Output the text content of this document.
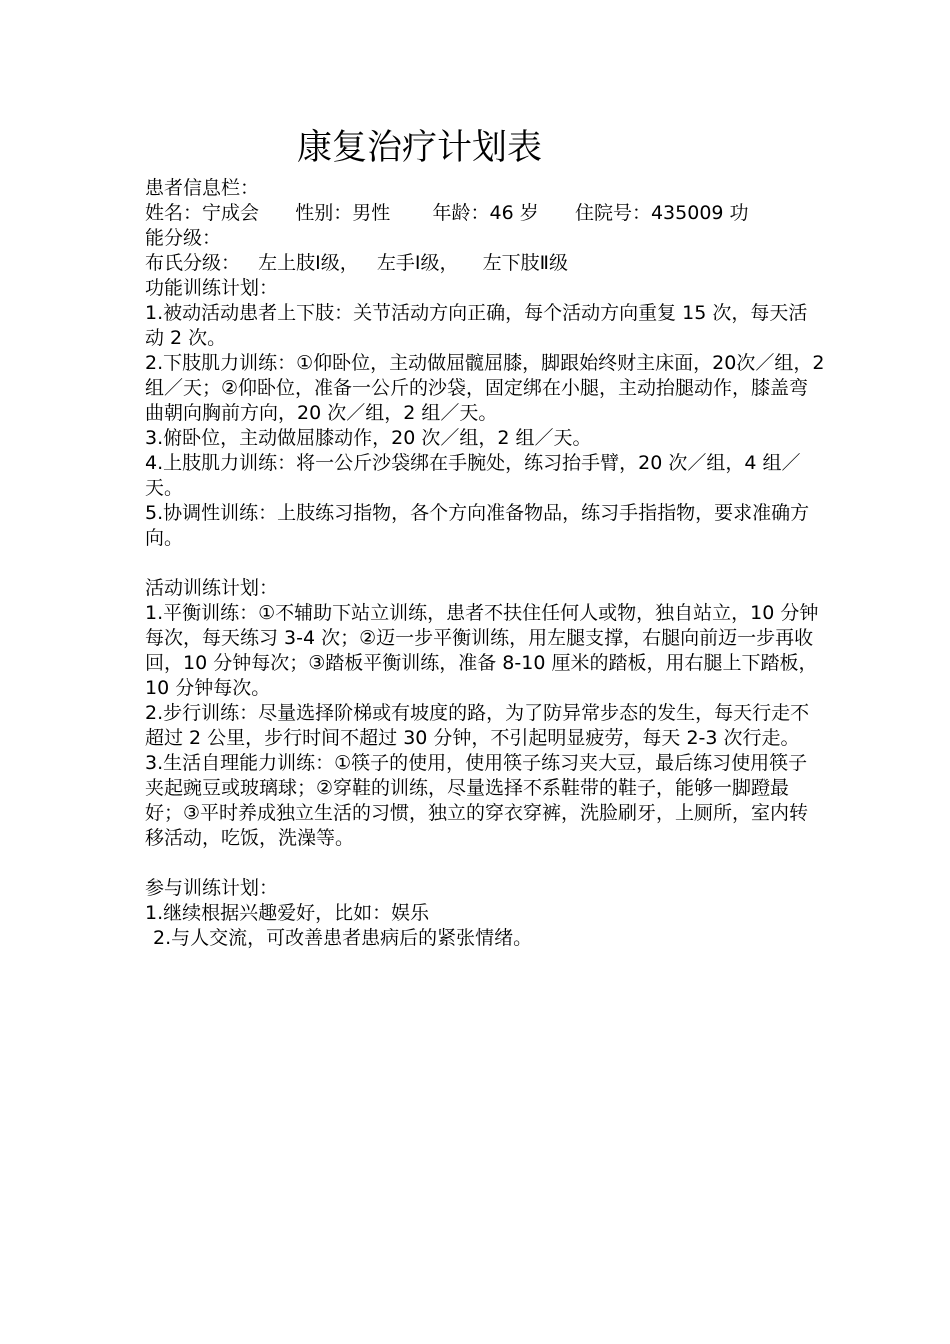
康复治疗计划表

患者信息栏：

姓名：宁成会      性别：男性       年龄：46 岁      住院号：435009 功

能分级：

布氏分级：   左上肢Ⅰ级，   左手Ⅰ级，    左下肢Ⅱ级

功能训练计划：

1.被动活动患者上下肢：关节活动方向正确，每个活动方向重复 15 次，每天活动 2 次。

2.下肢肌力训练：①仰卧位，主动做屈髋屈膝，脚跟始终财主床面，20次／组，2 组／天；②仰卧位，准备一公斤的沙袋，固定绑在小腿，主动抬腿动作，膝盖弯曲朝向胸前方向，20 次／组，2 组／天。

3.俯卧位，主动做屈膝动作，20 次／组，2 组／天。

4.上肢肌力训练：将一公斤沙袋绑在手腕处，练习抬手臂，20 次／组，4 组／天。

5.协调性训练：上肢练习指物，各个方向准备物品，练习手指指物，要求准确方向。

活动训练计划：

1.平衡训练：①不辅助下站立训练，患者不扶住任何人或物，独自站立，10 分钟每次，每天练习 3-4 次；②迈一步平衡训练，用左腿支撑，右腿向前迈一步再收回，10 分钟每次；③踏板平衡训练，准备 8-10 厘米的踏板，用右腿上下踏板，10 分钟每次。

2.步行训练：尽量选择阶梯或有坡度的路，为了防异常步态的发生，每天行走不超过 2 公里，步行时间不超过 30 分钟，不引起明显疲劳，每天 2-3 次行走。

3.生活自理能力训练：①筷子的使用，使用筷子练习夹大豆，最后练习使用筷子夹起豌豆或玻璃球；②穿鞋的训练，尽量选择不系鞋带的鞋子，能够一脚蹬最好；③平时养成独立生活的习惯，独立的穿衣穿裤，洗脸刷牙，上厕所，室内转移活动，吃饭，洗澡等。

参与训练计划：

1.继续根据兴趣爱好，比如：娱乐

2.与人交流，可改善患者患病后的紧张情绪。
